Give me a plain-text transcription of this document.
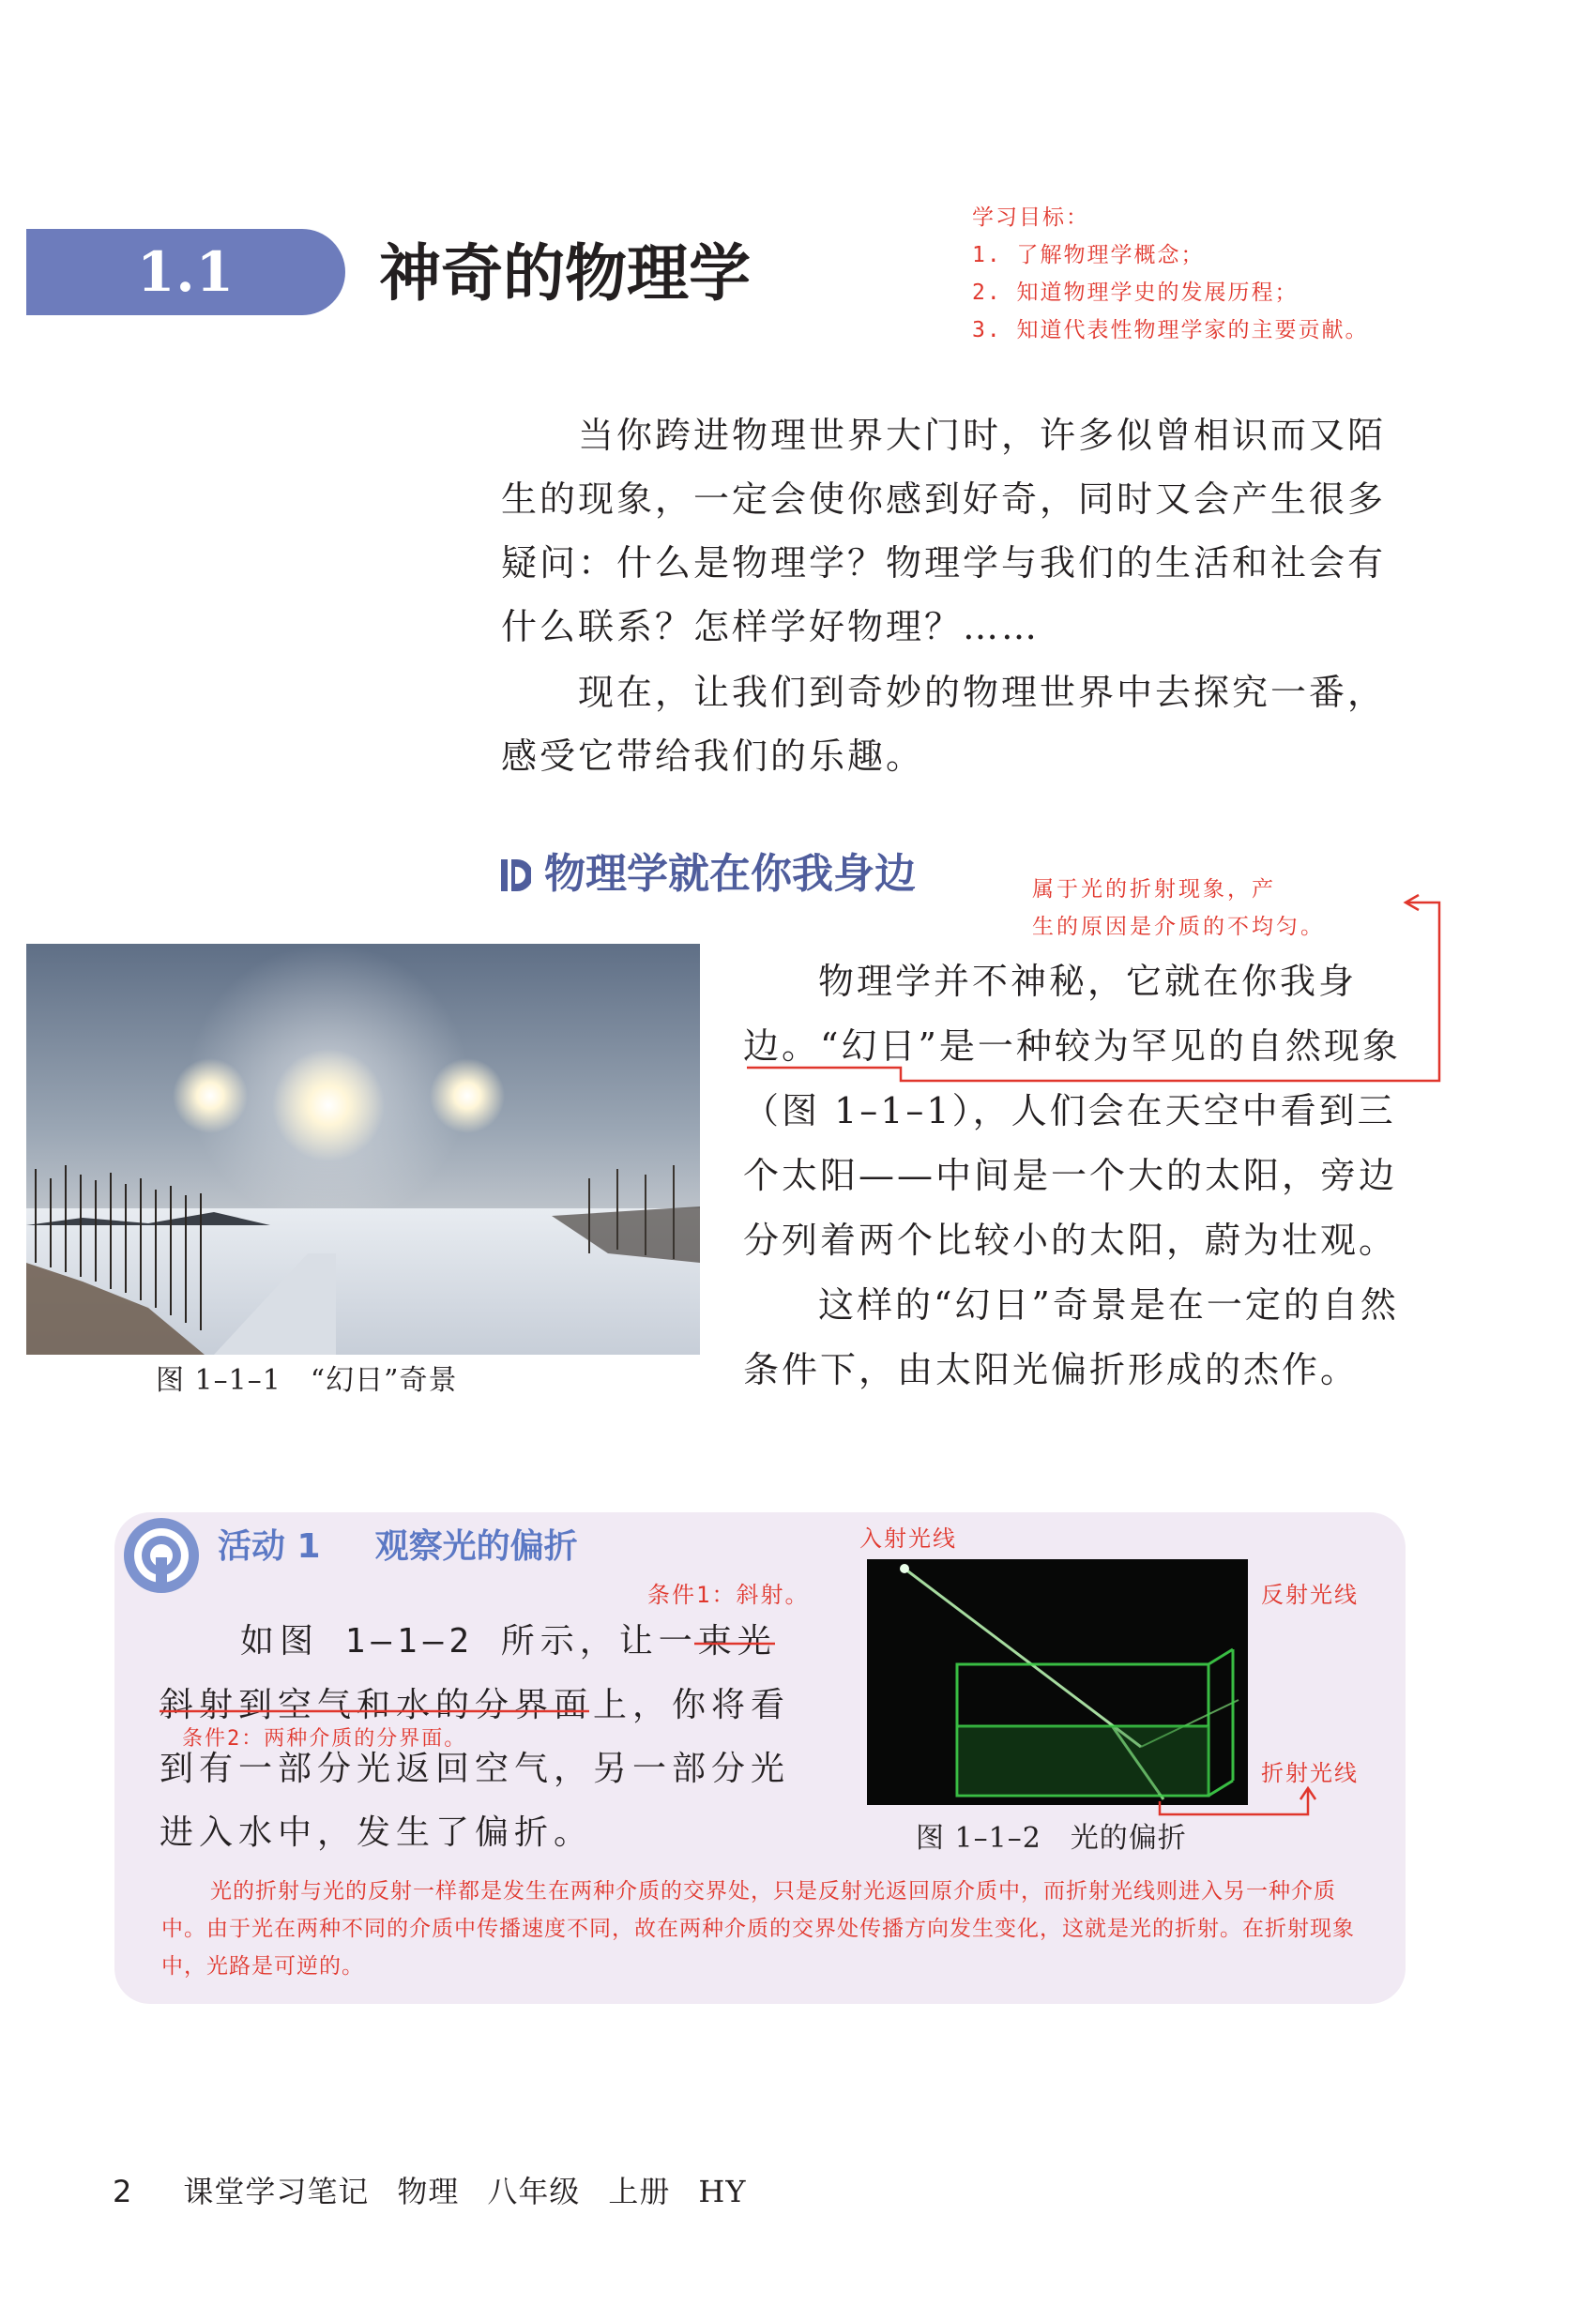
1.1	神奇的物理学
学习目标：
1. 了解物理学概念；
2. 知道物理学史的发展历程；
3. 知道代表性物理学家的主要贡献。
当你跨进物理世界大门时，许多似曾相识而又陌生的现象，一定会使你感到好奇，同时又会产生很多疑问：什么是物理学？物理学与我们的生活和社会有什么联系？怎样学好物理？……
现在，让我们到奇妙的物理世界中去探究一番，感受它带给我们的乐趣。
物理学就在你我身边	属于光的折射现象，产
生的原因是介质的不均匀。
图 1–1–1　“幻日”奇景
物理学并不神秘，它就在你我身边。“幻日”是一种较为罕见的自然现象（图 1–1–1），人们会在天空中看到三个太阳——中间是一个大的太阳，旁边分列着两个比较小的太阳，蔚为壮观。
这样的“幻日”奇景是在一定的自然条件下，由太阳光偏折形成的杰作。
活动 1 观察光的偏折
条件1：斜射。
如图 1–1–2 所示，让一束光斜射到空气和水的分界面上，你将看到有一部分光返回空气，另一部分光进入水中，发生了偏折。
条件2：两种介质的分界面。
入射光线
反射光线
折射光线
图 1–1–2　光的偏折
光的折射与光的反射一样都是发生在两种介质的交界处，只是反射光返回原介质中，而折射光线则进入另一种介质中。由于光在两种不同的介质中传播速度不同，故在两种介质的交界处传播方向发生变化，这就是光的折射。在折射现象中，光路是可逆的。
2 课堂学习笔记 物理 八年级 上册 HY
